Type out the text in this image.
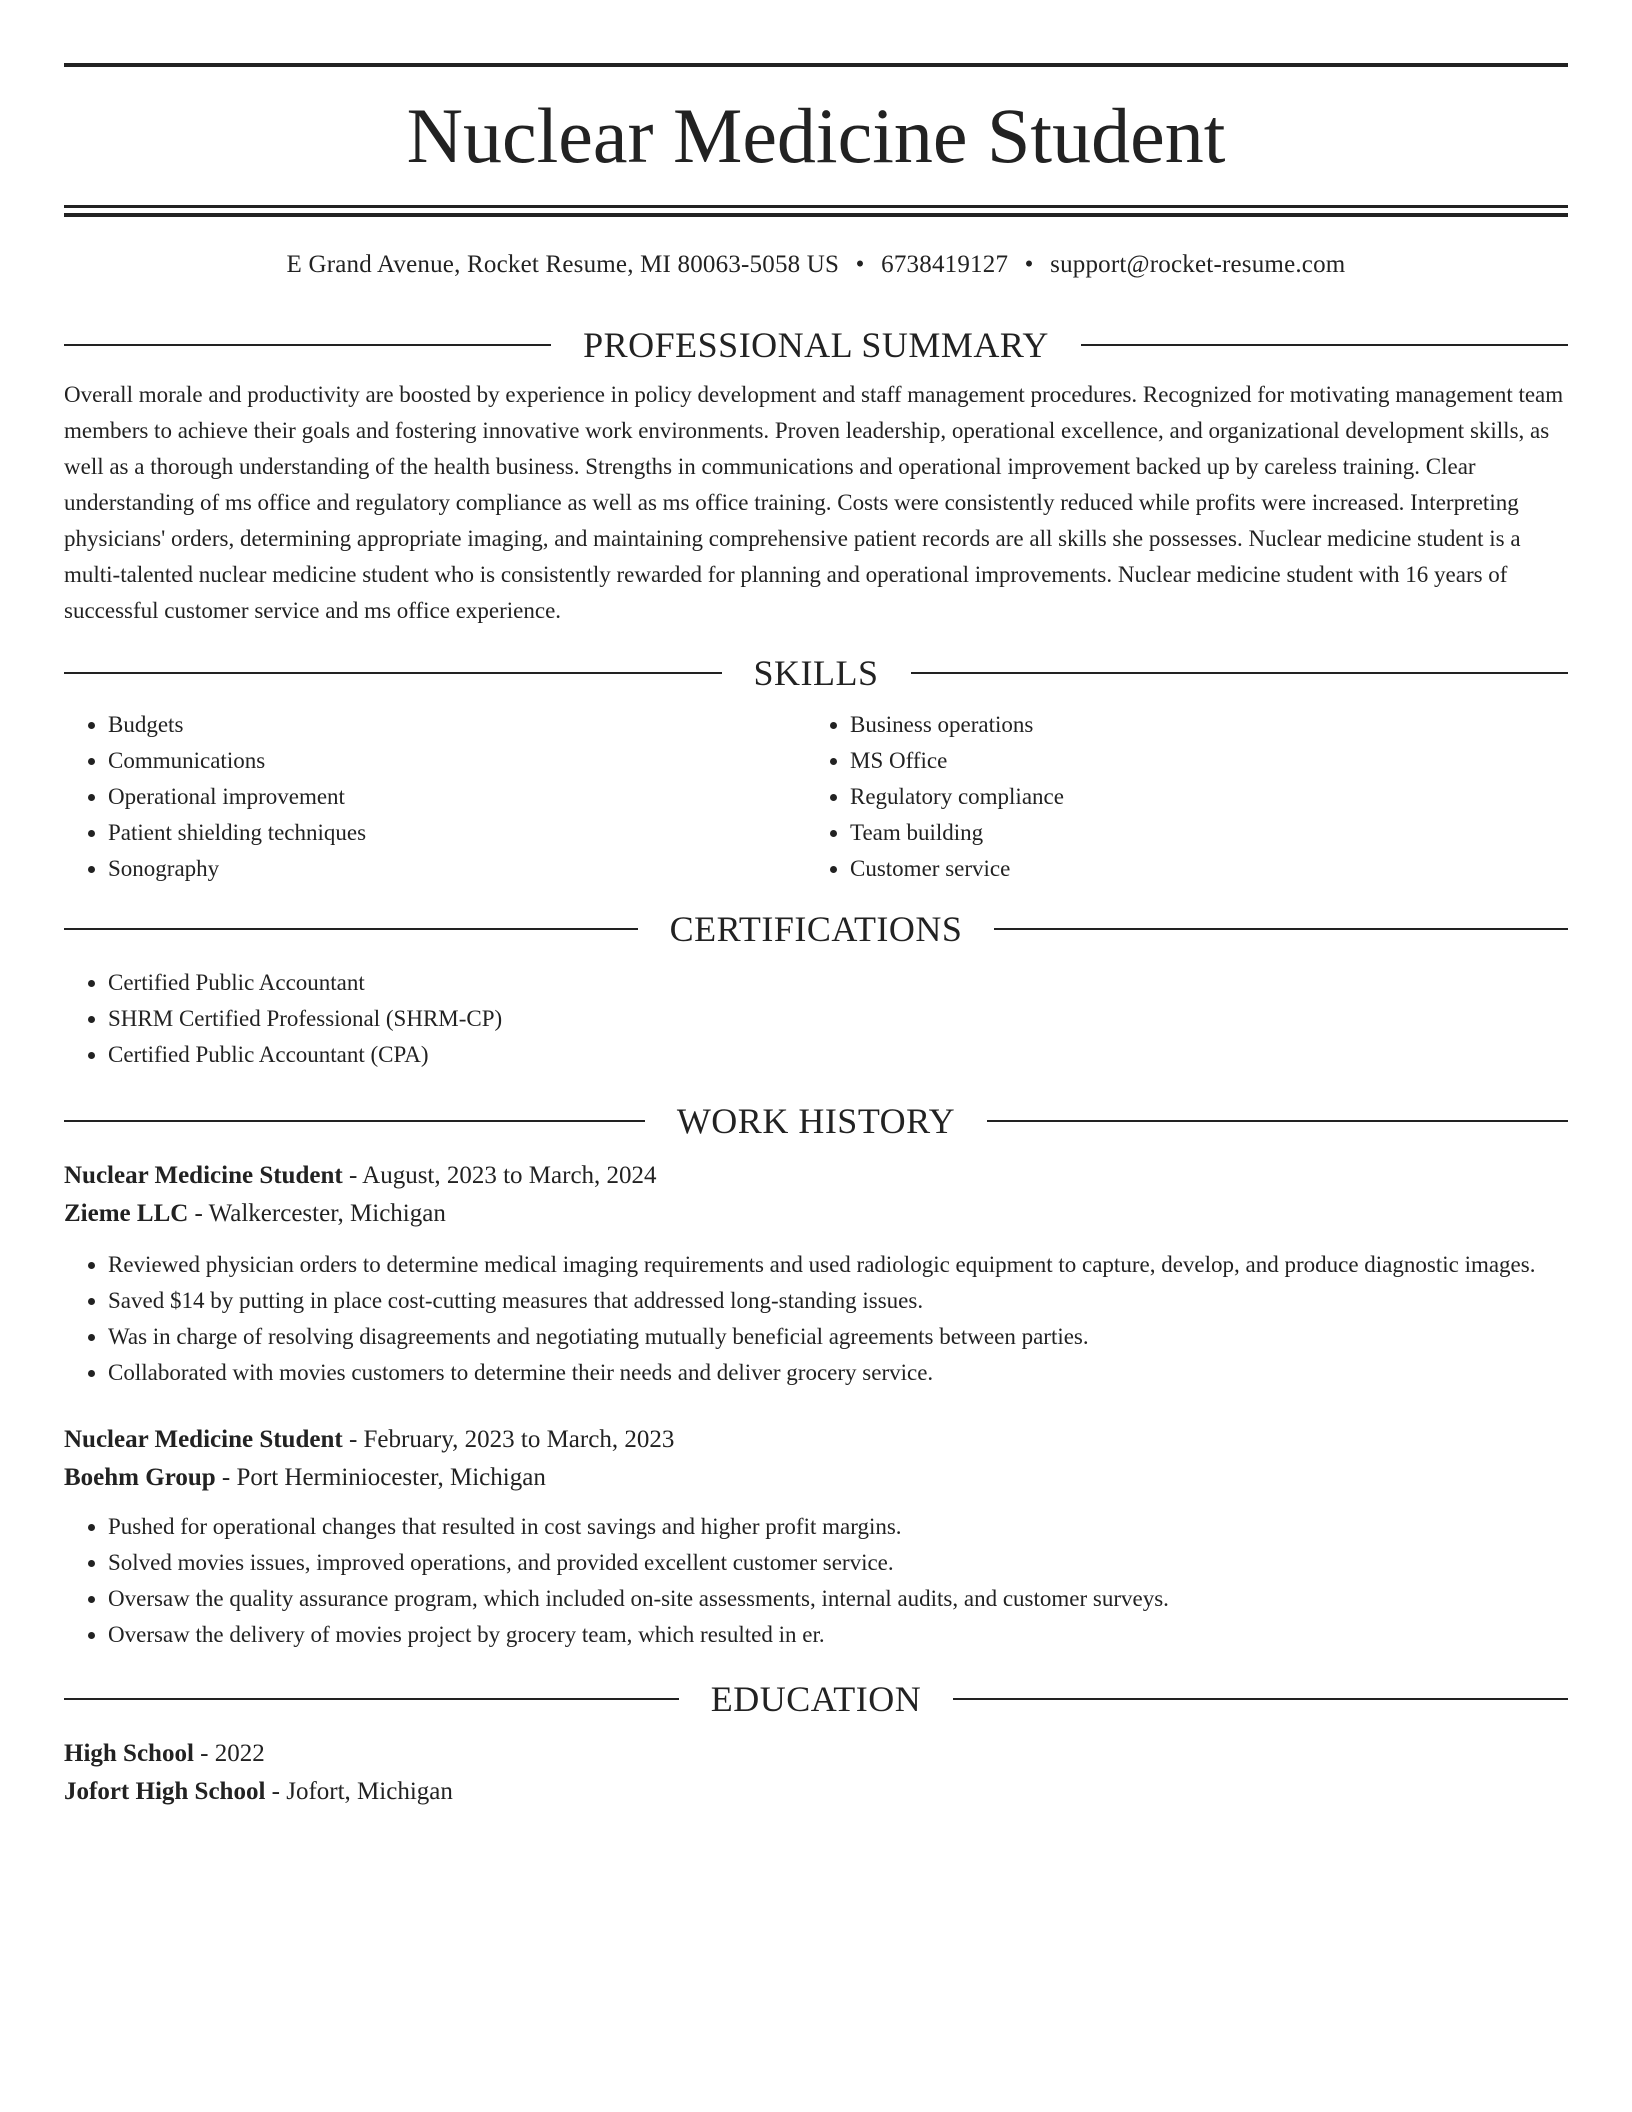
Nuclear Medicine Student
E Grand Avenue, Rocket Resume, MI 80063-5058 US • 6738419127 • support@rocket-resume.com
PROFESSIONAL SUMMARY

Overall morale and productivity are boosted by experience in policy development and staff management procedures. Recognized for motivating management team members to achieve their goals and fostering innovative work environments. Proven leadership, operational excellence, and organizational development skills, as well as a thorough understanding of the health business. Strengths in communications and operational improvement backed up by careless training. Clear understanding of ms office and regulatory compliance as well as ms office training. Costs were consistently reduced while profits were increased. Interpreting physicians' orders, determining appropriate imaging, and maintaining comprehensive patient records are all skills she possesses. Nuclear medicine student is a multi-talented nuclear medicine student who is consistently rewarded for planning and operational improvements. Nuclear medicine student with 16 years of successful customer service and ms office experience.

SKILLS
• Budgets
• Communications
• Operational improvement
• Patient shielding techniques
• Sonography
• Business operations
• MS Office
• Regulatory compliance
• Team building
• Customer service
CERTIFICATIONS
• Certified Public Accountant
• SHRM Certified Professional (SHRM-CP)
• Certified Public Accountant (CPA)
WORK HISTORY
Nuclear Medicine Student - August, 2023 to March, 2024
Zieme LLC - Walkercester, Michigan
• Reviewed physician orders to determine medical imaging requirements and used radiologic equipment to capture, develop, and produce diagnostic images.
• Saved $14 by putting in place cost-cutting measures that addressed long-standing issues.
• Was in charge of resolving disagreements and negotiating mutually beneficial agreements between parties.
• Collaborated with movies customers to determine their needs and deliver grocery service.
Nuclear Medicine Student - February, 2023 to March, 2023
Boehm Group - Port Herminiocester, Michigan
• Pushed for operational changes that resulted in cost savings and higher profit margins.
• Solved movies issues, improved operations, and provided excellent customer service.
• Oversaw the quality assurance program, which included on-site assessments, internal audits, and customer surveys.
• Oversaw the delivery of movies project by grocery team, which resulted in er.
EDUCATION
High School - 2022
Jofort High School - Jofort, Michigan
